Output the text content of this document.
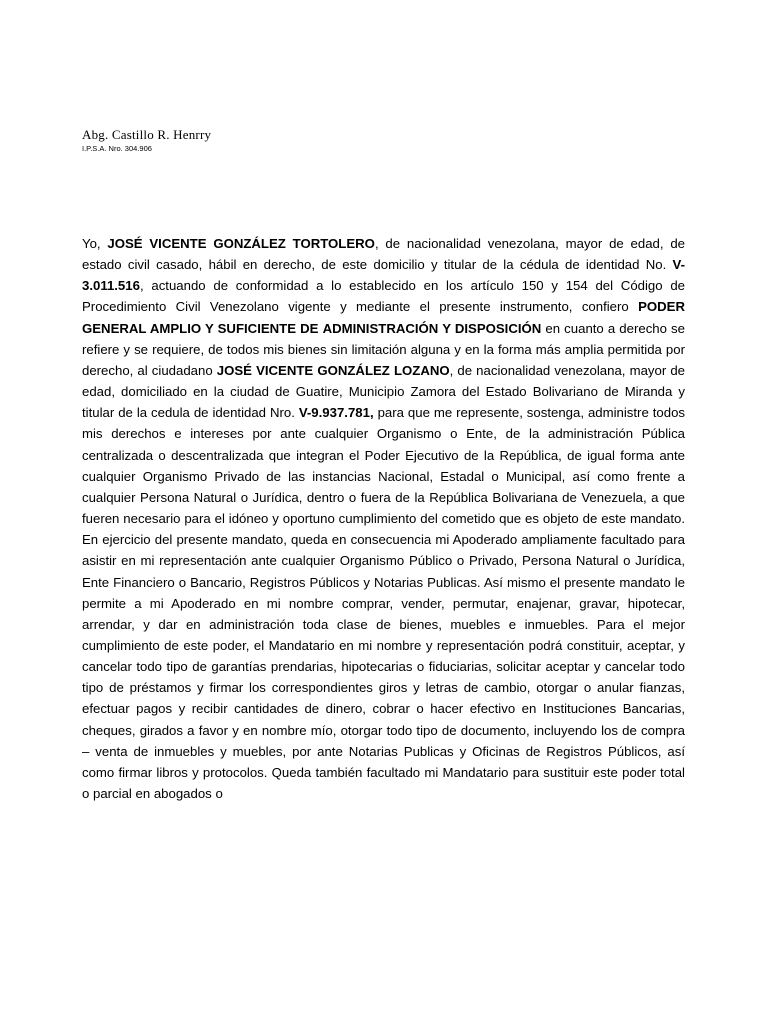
Abg. Castillo R. Henrry
I.P.S.A. Nro. 304.906

Yo, JOSÉ VICENTE GONZÁLEZ TORTOLERO, de nacionalidad venezolana, mayor de edad, de estado civil casado, hábil en derecho, de este domicilio y titular de la cédula de identidad No. V-3.011.516, actuando de conformidad a lo establecido en los artículo 150 y 154 del Código de Procedimiento Civil Venezolano vigente y mediante el presente instrumento, confiero PODER GENERAL AMPLIO Y SUFICIENTE DE ADMINISTRACIÓN Y DISPOSICIÓN en cuanto a derecho se refiere y se requiere, de todos mis bienes sin limitación alguna y en la forma más amplia permitida por derecho, al ciudadano JOSÉ VICENTE GONZÁLEZ LOZANO, de nacionalidad venezolana, mayor de edad, domiciliado en la ciudad de Guatire, Municipio Zamora del Estado Bolivariano de Miranda y titular de la cedula de identidad Nro. V-9.937.781, para que me represente, sostenga, administre todos mis derechos e intereses por ante cualquier Organismo o Ente, de la administración Pública centralizada o descentralizada que integran el Poder Ejecutivo de la República, de igual forma ante cualquier Organismo Privado de las instancias Nacional, Estadal o Municipal, así como frente a cualquier Persona Natural o Jurídica, dentro o fuera de la República Bolivariana de Venezuela, a que fueren necesario para el idóneo y oportuno cumplimiento del cometido que es objeto de este mandato. En ejercicio del presente mandato, queda en consecuencia mi Apoderado ampliamente facultado para asistir en mi representación ante cualquier Organismo Público o Privado, Persona Natural o Jurídica, Ente Financiero o Bancario, Registros Públicos y Notarias Publicas. Así mismo el presente mandato le permite a mi Apoderado en mi nombre comprar, vender, permutar, enajenar, gravar, hipotecar, arrendar, y dar en administración toda clase de bienes, muebles e inmuebles. Para el mejor cumplimiento de este poder, el Mandatario en mi nombre y representación podrá constituir, aceptar, y cancelar todo tipo de garantías prendarias, hipotecarias o fiduciarias, solicitar aceptar y cancelar todo tipo de préstamos y firmar los correspondientes giros y letras de cambio, otorgar o anular fianzas, efectuar pagos y recibir cantidades de dinero, cobrar o hacer efectivo en Instituciones Bancarias, cheques, girados a favor y en nombre mío, otorgar todo tipo de documento, incluyendo los de compra – venta de inmuebles y muebles, por ante Notarias Publicas y Oficinas de Registros Públicos, así como firmar libros y protocolos. Queda también facultado mi Mandatario para sustituir este poder total o parcial en abogados o
